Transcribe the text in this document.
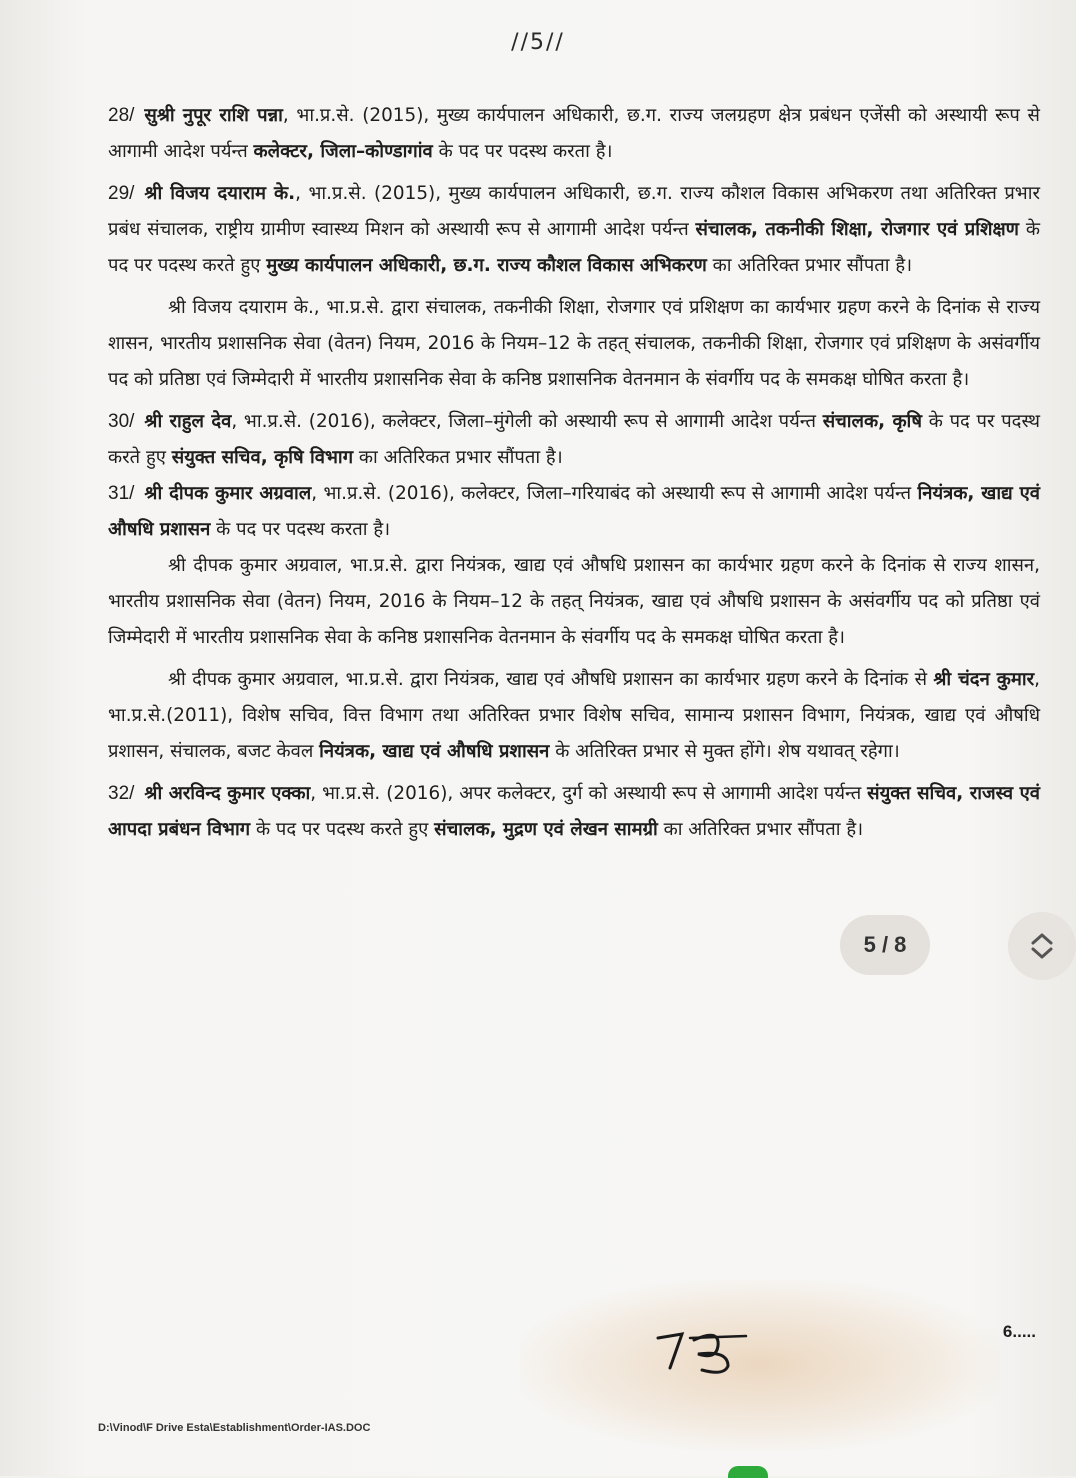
//5//
28/ सुश्री नुपूर राशि पन्ना, भा.प्र.से. (2015), मुख्य कार्यपालन अधिकारी, छ.ग. राज्य जलग्रहण क्षेत्र प्रबंधन एजेंसी को अस्थायी रूप से आगामी आदेश पर्यन्त कलेक्टर, जिला–कोण्डागांव के पद पर पदस्थ करता है।
29/ श्री विजय दयाराम के., भा.प्र.से. (2015), मुख्य कार्यपालन अधिकारी, छ.ग. राज्य कौशल विकास अभिकरण तथा अतिरिक्त प्रभार प्रबंध संचालक, राष्ट्रीय ग्रामीण स्वास्थ्य मिशन को अस्थायी रूप से आगामी आदेश पर्यन्त संचालक, तकनीकी शिक्षा, रोजगार एवं प्रशिक्षण के पद पर पदस्थ करते हुए मुख्य कार्यपालन अधिकारी, छ.ग. राज्य कौशल विकास अभिकरण का अतिरिक्त प्रभार सौंपता है।
श्री विजय दयाराम के., भा.प्र.से. द्वारा संचालक, तकनीकी शिक्षा, रोजगार एवं प्रशिक्षण का कार्यभार ग्रहण करने के दिनांक से राज्य शासन, भारतीय प्रशासनिक सेवा (वेतन) नियम, 2016 के नियम–12 के तहत् संचालक, तकनीकी शिक्षा, रोजगार एवं प्रशिक्षण के असंवर्गीय पद को प्रतिष्ठा एवं जिम्मेदारी में भारतीय प्रशासनिक सेवा के कनिष्ठ प्रशासनिक वेतनमान के संवर्गीय पद के समकक्ष घोषित करता है।
30/ श्री राहुल देव, भा.प्र.से. (2016), कलेक्टर, जिला–मुंगेली को अस्थायी रूप से आगामी आदेश पर्यन्त संचालक, कृषि के पद पर पदस्थ करते हुए संयुक्त सचिव, कृषि विभाग का अतिरिकत प्रभार सौंपता है।
31/ श्री दीपक कुमार अग्रवाल, भा.प्र.से. (2016), कलेक्टर, जिला–गरियाबंद को अस्थायी रूप से आगामी आदेश पर्यन्त नियंत्रक, खाद्य एवं औषधि प्रशासन के पद पर पदस्थ करता है।
श्री दीपक कुमार अग्रवाल, भा.प्र.से. द्वारा नियंत्रक, खाद्य एवं औषधि प्रशासन का कार्यभार ग्रहण करने के दिनांक से राज्य शासन, भारतीय प्रशासनिक सेवा (वेतन) नियम, 2016 के नियम–12 के तहत् नियंत्रक, खाद्य एवं औषधि प्रशासन के असंवर्गीय पद को प्रतिष्ठा एवं जिम्मेदारी में भारतीय प्रशासनिक सेवा के कनिष्ठ प्रशासनिक वेतनमान के संवर्गीय पद के समकक्ष घोषित करता है।
श्री दीपक कुमार अग्रवाल, भा.प्र.से. द्वारा नियंत्रक, खाद्य एवं औषधि प्रशासन का कार्यभार ग्रहण करने के दिनांक से श्री चंदन कुमार, भा.प्र.से.(2011), विशेष सचिव, वित्त विभाग तथा अतिरिक्त प्रभार विशेष सचिव, सामान्य प्रशासन विभाग, नियंत्रक, खाद्य एवं औषधि प्रशासन, संचालक, बजट केवल नियंत्रक, खाद्य एवं औषधि प्रशासन के अतिरिक्त प्रभार से मुक्त होंगे। शेष यथावत् रहेगा।
32/ श्री अरविन्द कुमार एक्का, भा.प्र.से. (2016), अपर कलेक्टर, दुर्ग को अस्थायी रूप से आगामी आदेश पर्यन्त संयुक्त सचिव, राजस्व एवं आपदा प्रबंधन विभाग के पद पर पदस्थ करते हुए संचालक, मुद्रण एवं लेखन सामग्री का अतिरिक्त प्रभार सौंपता है।
6.....
D:\Vinod\F Drive Esta\Establishment\Order-IAS.DOC
5 / 8
